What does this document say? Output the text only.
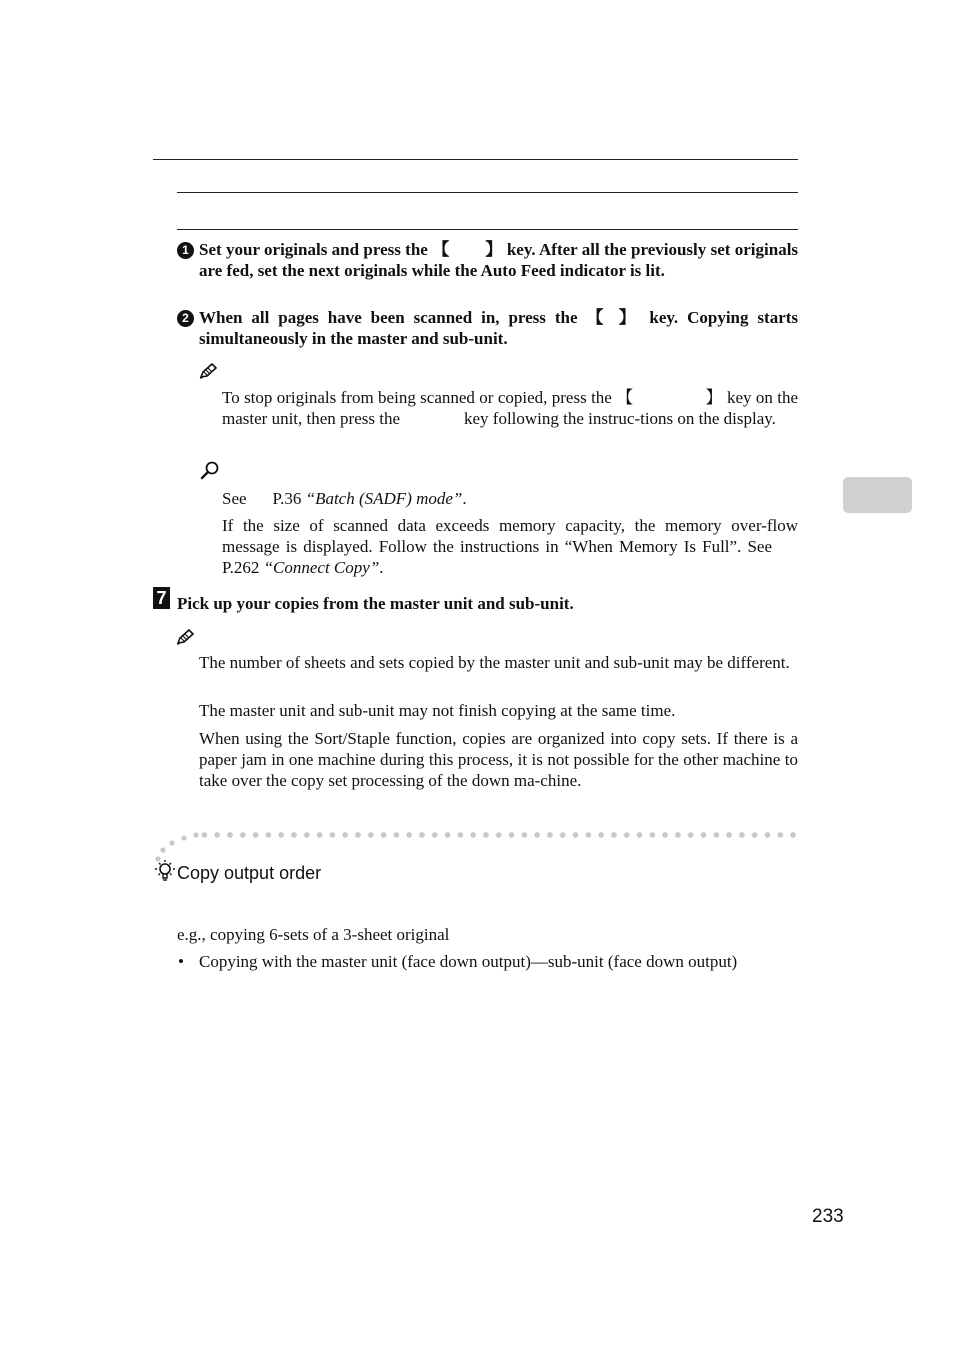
1 Set your originals and press the 【 】 key. After all the previously set originals are fed, set the next originals while the Auto Feed indicator is lit.
2 When all pages have been scanned in, press the 【 】 key. Copying starts simultaneously in the master and sub-unit.
To stop originals from being scanned or copied, press the 【	】 key on the master unit, then press the	key following the instruc-tions on the display.
See P.36 “Batch (SADF) mode”.
If the size of scanned data exceeds memory capacity, the memory over-flow message is displayed. Follow the instructions in “When Memory Is Full”. SeeP.262 “Connect Copy”.
7 Pick up your copies from the master unit and sub-unit.
The number of sheets and sets copied by the master unit and sub-unit may be different.
The master unit and sub-unit may not finish copying at the same time.
When using the Sort/Staple function, copies are organized into copy sets. If there is a paper jam in one machine during this process, it is not possible for the other machine to take over the copy set processing of the down ma-chine.
Copy output order
e.g., copying 6-sets of a 3-sheet original
• Copying with the master unit (face down output)—sub-unit (face down output)
233
